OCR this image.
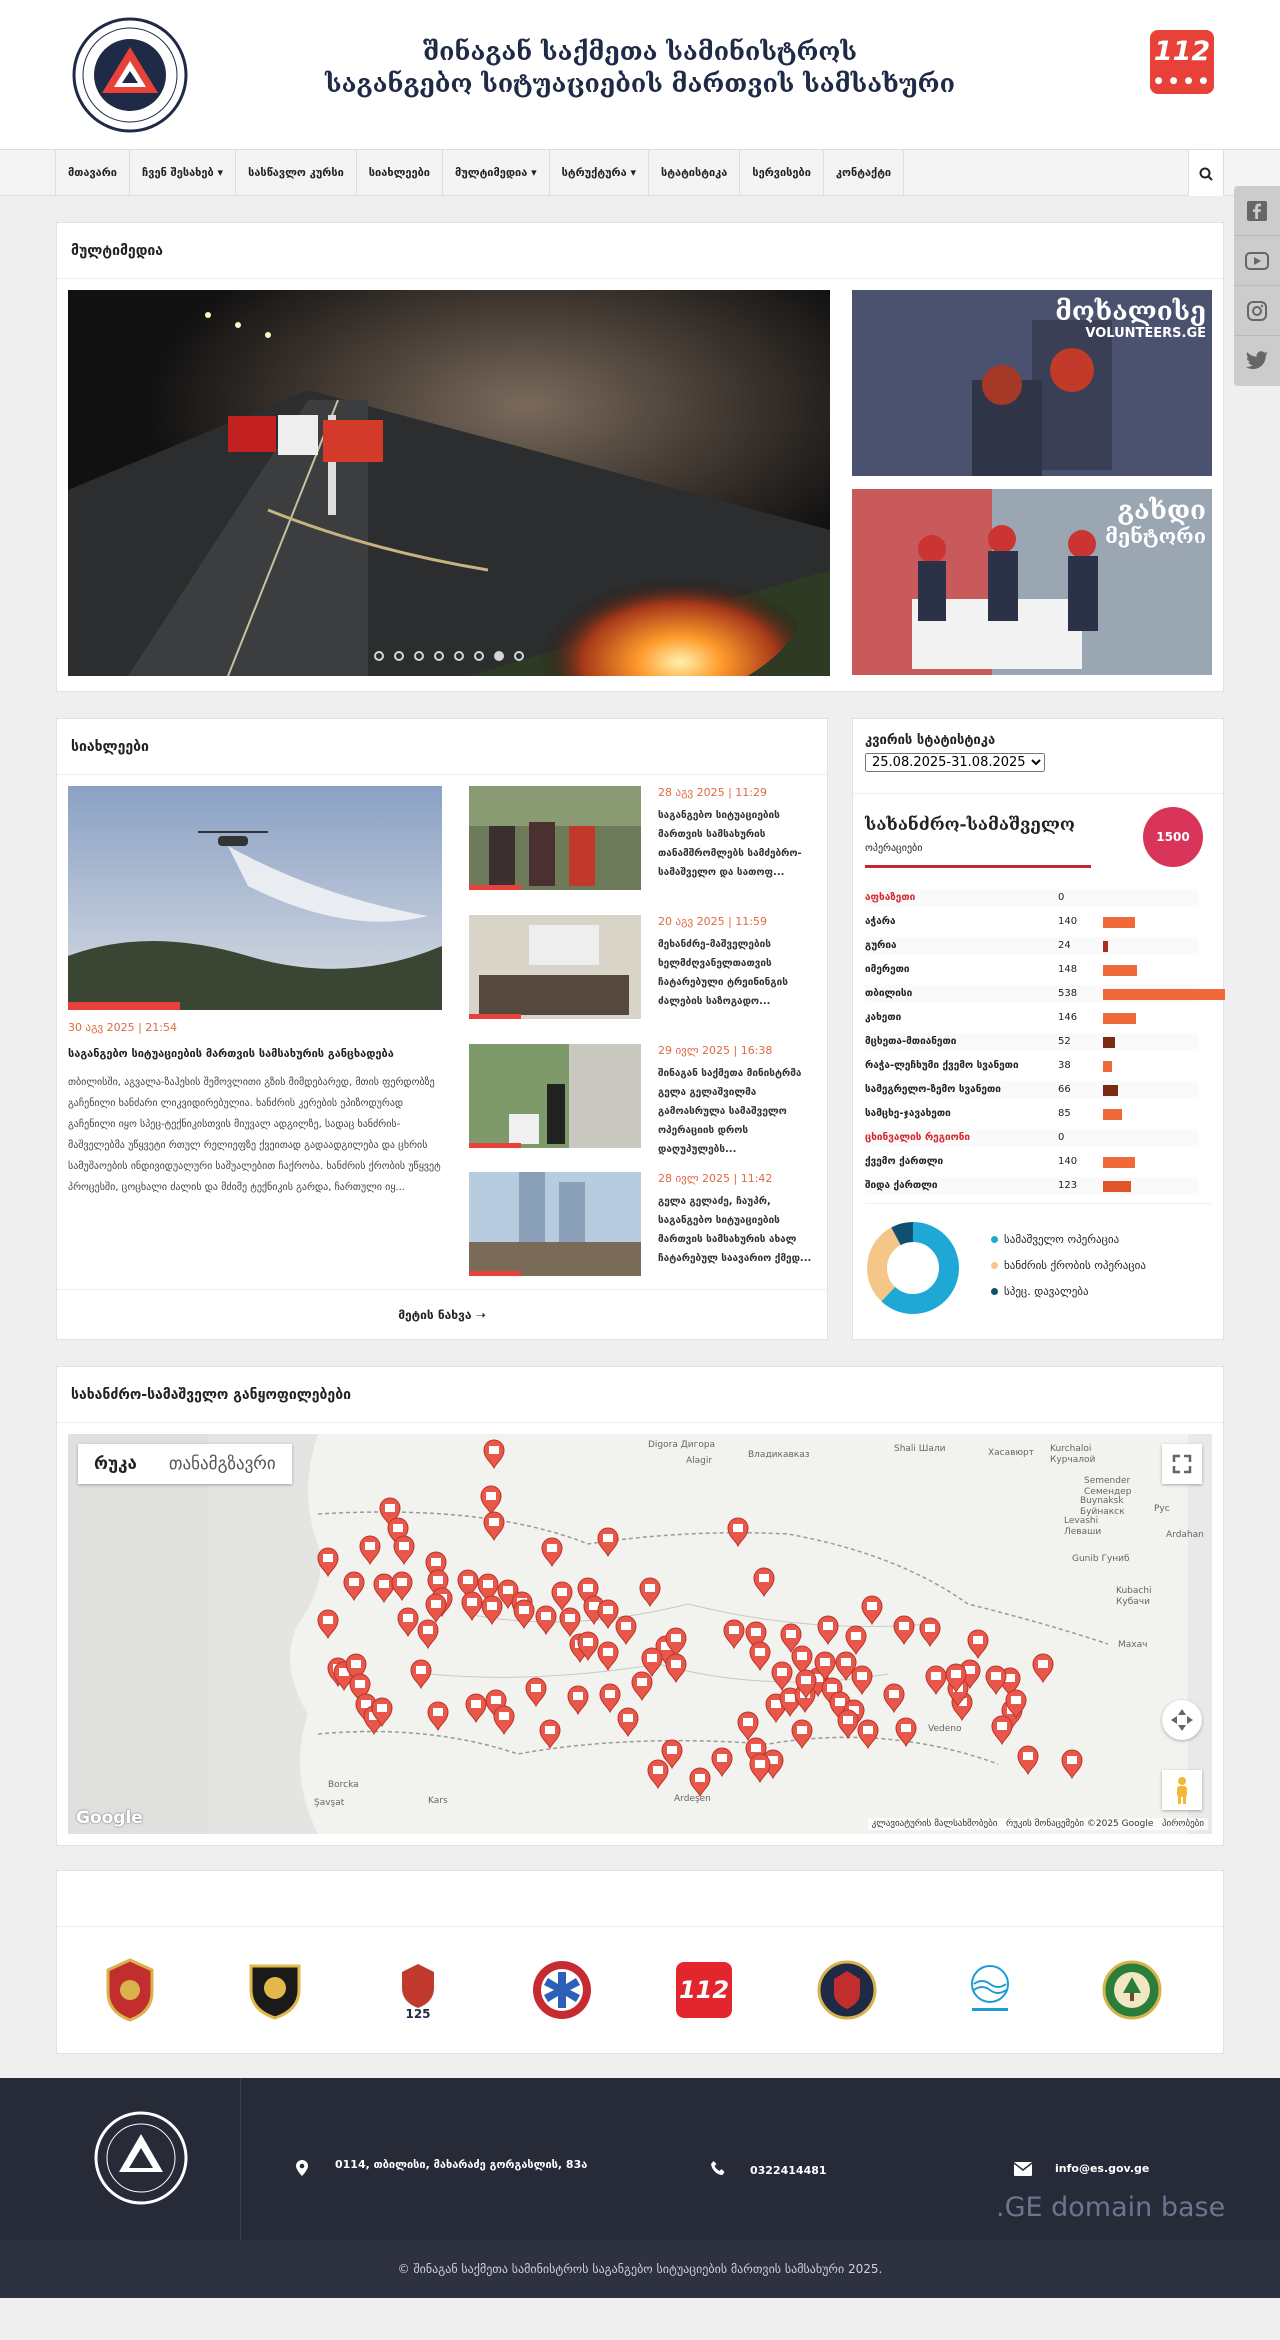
შინაგან საქმეთა სამინისტროს
საგანგებო სიტუაციების მართვის სამსახური
112
● ● ● ●
მთავარი	ჩვენ შესახებ ▾	სასწავლო კურსი	სიახლეები	მულტიმედია ▾	სტრუქტურა ▾	სტატისტიკა	სერვისები	კონტაქტი
მულტიმედია
მოხალისე
VOLUNTEERS.GE
გახდი
მენტორი
სიახლეები
მეტის ნახვა ➝
30 აგვ 2025 | 21:54
საგანგებო სიტუაციების მართვის სამსახურის განცხადება
თბილისში, აგვალა-ზაჰესის შემოვლითი გზის მიმდებარედ, მთის ფერდობზე გაჩენილი ხანძარი ლიკვიდირებულია. ხანძრის კერების ეპიზოდურად გაჩენილი იყო სპეც-ტექნიკისთვის მიუვალ ადგილზე, სადაც ხანძრის-მაშველებმა უწყვეტი რთულ რელიეფზე ქვეითად გადაადგილება და ცხრის სამუშაოების ინდივიდუალური საშუალებით ჩაქრობა. ხანძრის ქრობის უწყვეტ პროცესში, ცოცხალი ძალის და მძიმე ტექნიკის გარდა, ჩართული იყ...
28 აგვ 2025 | 11:29
საგანგებო სიტუაციების მართვის სამსახურის თანამშრომლებს სამძებრო-სამაშველო და სათოფ...
20 აგვ 2025 | 11:59
მეხანძრე-მაშველების ხელმძღვანელთათვის ჩატარებული ტრეინინგის ძალების საზოგადო...
29 ივლ 2025 | 16:38
შინაგან საქმეთა მინისტრმა გელა გელაშვილმა გამოასრულა სამაშველო ოპერაციის დროს დაღუპულებს...
28 ივლ 2025 | 11:42
გელა გელაძე, ჩაუპრ, საგანგებო სიტუაციების მართვის სამსახურის ახალ ჩატარებულ საავარიო ქმედ...
კვირის სტატისტიკა
25.08.2025-31.08.2025
სახანძრო-სამაშველო
ოპერაციები
1500
აფხაზეთი	0
აჭარა	140
გურია	24
იმერეთი	148
თბილისი	538
კახეთი	146
მცხეთა-მთიანეთი	52
რაჭა-ლეჩხუმი ქვემო სვანეთი	38
სამეგრელო-ზემო სვანეთი	66
სამცხე-ჯავახეთი	85
ცხინვალის რეგიონი	0
ქვემო ქართლი	140
შიდა ქართლი	123
სამაშველო ოპერაცია
ხანძრის ქრობის ოპერაცია
სპეც. დავალება
სახანძრო-სამაშველო განყოფილებები
Digora Дигора
Alagir
Владикавказ
Shali Шали	Хасавюрт	Kurchaloi Курчалой
Semender Семендер
Buynaksk Буйнакск
Levashi Леваши
Gunib Гуниб
Kubachi Кубачи
Mахач
Рус
Ardahan
Borcka
Şavşat	Kars	Ardeşen
Vedeno
რუკა	თანამგზავრი
Google	კლავიატურის მალსახმობები რუკის მონაცემები ©2025 Google პირობები
125
112
0114, თბილისი, მახარაძე გორგასლის, 83ა	0322414481	info@es.gov.ge
.GE domain base
© შინაგან საქმეთა სამინისტროს საგანგებო სიტუაციების მართვის სამსახური 2025.
